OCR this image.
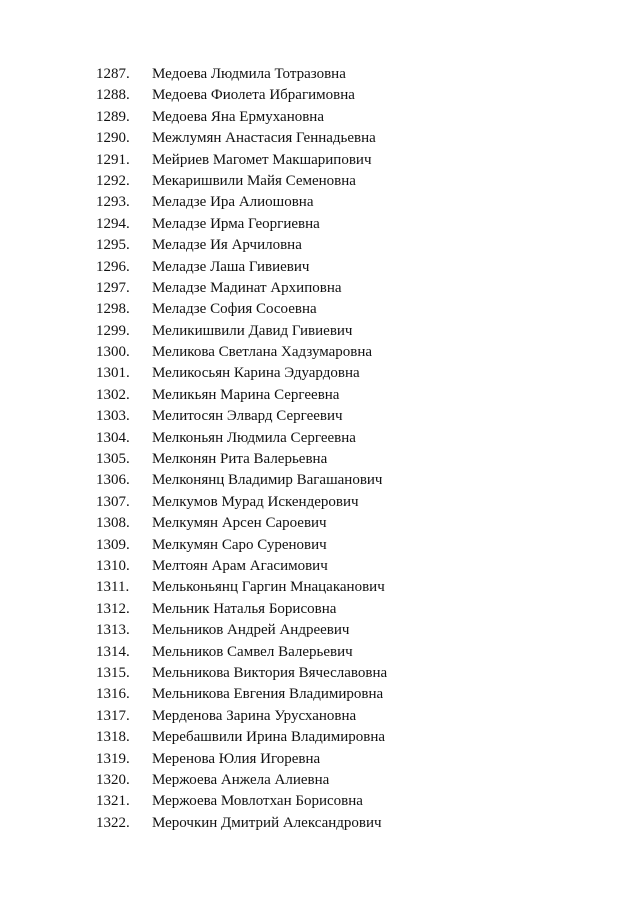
1287.	Медоева Людмила Тотразовна
1288.	Медоева Фиолета Ибрагимовна
1289.	Медоева Яна Ермухановна
1290.	Межлумян Анастасия Геннадьевна
1291.	Мейриев Магомет Макшарипович
1292.	Мекаришвили Майя Семеновна
1293.	Меладзе Ира Алиошовна
1294.	Меладзе Ирма Георгиевна
1295.	Меладзе Ия Арчиловна
1296.	Меладзе Лаша Гивиевич
1297.	Меладзе Мадинат Архиповна
1298.	Меладзе София Сосоевна
1299.	Меликишвили Давид Гивиевич
1300.	Меликова Светлана Хадзумаровна
1301.	Меликосьян Карина Эдуардовна
1302.	Меликьян Марина Сергеевна
1303.	Мелитосян Элвард Сергеевич
1304.	Мелконьян Людмила Сергеевна
1305.	Мелконян Рита Валерьевна
1306.	Мелконянц Владимир Вагашанович
1307.	Мелкумов Мурад Искендерович
1308.	Мелкумян Арсен Сароевич
1309.	Мелкумян Саро Суренович
1310.	Мелтоян Арам Агасимович
1311.	Мельконьянц Гаргин Мнацаканович
1312.	Мельник Наталья Борисовна
1313.	Мельников Андрей Андреевич
1314.	Мельников Самвел Валерьевич
1315.	Мельникова Виктория Вячеславовна
1316.	Мельникова Евгения Владимировна
1317.	Мерденова Зарина Урусхановна
1318.	Меребашвили Ирина Владимировна
1319.	Меренова Юлия Игоревна
1320.	Мержоева Анжела Алиевна
1321.	Мержоева Мовлотхан Борисовна
1322.	Мерочкин Дмитрий Александрович
